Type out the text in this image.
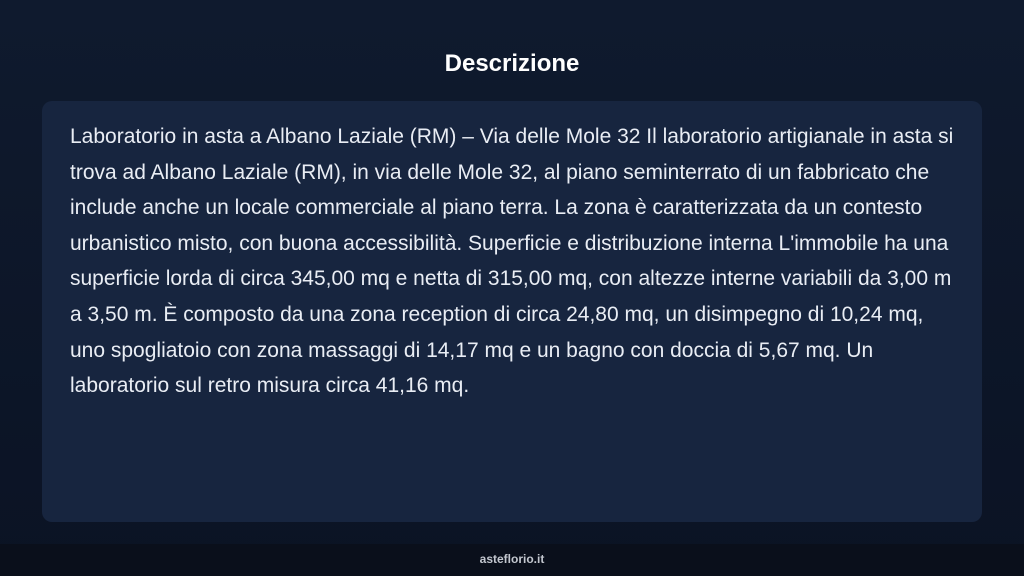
Descrizione

Laboratorio in asta a Albano Laziale (RM) – Via delle Mole 32 Il laboratorio artigianale in asta si trova ad Albano Laziale (RM), in via delle Mole 32, al piano seminterrato di un fabbricato che include anche un locale commerciale al piano terra. La zona è caratterizzata da un contesto urbanistico misto, con buona accessibilità. Superficie e distribuzione interna L'immobile ha una superficie lorda di circa 345,00 mq e netta di 315,00 mq, con altezze interne variabili da 3,00 m a 3,50 m. È composto da una zona reception di circa 24,80 mq, un disimpegno di 10,24 mq, uno spogliatoio con zona massaggi di 14,17 mq e un bagno con doccia di 5,67 mq. Un laboratorio sul retro misura circa 41,16 mq.

asteflorio.it
